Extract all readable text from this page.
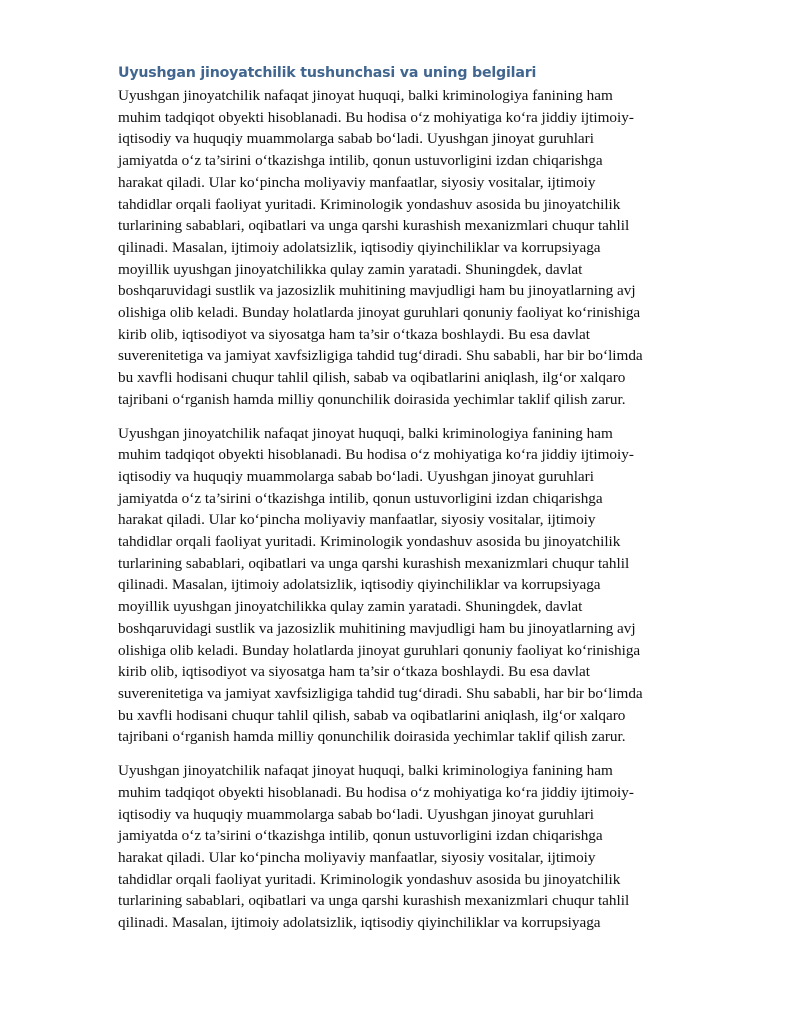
Uyushgan jinoyatchilik tushunchasi va uning belgilari

Uyushgan jinoyatchilik nafaqat jinoyat huquqi, balki kriminologiya fanining ham
muhim tadqiqot obyekti hisoblanadi. Bu hodisa o‘z mohiyatiga ko‘ra jiddiy ijtimoiy-
iqtisodiy va huquqiy muammolarga sabab bo‘ladi. Uyushgan jinoyat guruhlari
jamiyatda o‘z ta’sirini o‘tkazishga intilib, qonun ustuvorligini izdan chiqarishga
harakat qiladi. Ular ko‘pincha moliyaviy manfaatlar, siyosiy vositalar, ijtimoiy
tahdidlar orqali faoliyat yuritadi. Kriminologik yondashuv asosida bu jinoyatchilik
turlarining sabablari, oqibatlari va unga qarshi kurashish mexanizmlari chuqur tahlil
qilinadi. Masalan, ijtimoiy adolatsizlik, iqtisodiy qiyinchiliklar va korrupsiyaga
moyillik uyushgan jinoyatchilikka qulay zamin yaratadi. Shuningdek, davlat
boshqaruvidagi sustlik va jazosizlik muhitining mavjudligi ham bu jinoyatlarning avj
olishiga olib keladi. Bunday holatlarda jinoyat guruhlari qonuniy faoliyat ko‘rinishiga
kirib olib, iqtisodiyot va siyosatga ham ta’sir o‘tkaza boshlaydi. Bu esa davlat
suverenitetiga va jamiyat xavfsizligiga tahdid tug‘diradi. Shu sababli, har bir bo‘limda
bu xavfli hodisani chuqur tahlil qilish, sabab va oqibatlarini aniqlash, ilg‘or xalqaro
tajribani o‘rganish hamda milliy qonunchilik doirasida yechimlar taklif qilish zarur.

Uyushgan jinoyatchilik nafaqat jinoyat huquqi, balki kriminologiya fanining ham
muhim tadqiqot obyekti hisoblanadi. Bu hodisa o‘z mohiyatiga ko‘ra jiddiy ijtimoiy-
iqtisodiy va huquqiy muammolarga sabab bo‘ladi. Uyushgan jinoyat guruhlari
jamiyatda o‘z ta’sirini o‘tkazishga intilib, qonun ustuvorligini izdan chiqarishga
harakat qiladi. Ular ko‘pincha moliyaviy manfaatlar, siyosiy vositalar, ijtimoiy
tahdidlar orqali faoliyat yuritadi. Kriminologik yondashuv asosida bu jinoyatchilik
turlarining sabablari, oqibatlari va unga qarshi kurashish mexanizmlari chuqur tahlil
qilinadi. Masalan, ijtimoiy adolatsizlik, iqtisodiy qiyinchiliklar va korrupsiyaga
moyillik uyushgan jinoyatchilikka qulay zamin yaratadi. Shuningdek, davlat
boshqaruvidagi sustlik va jazosizlik muhitining mavjudligi ham bu jinoyatlarning avj
olishiga olib keladi. Bunday holatlarda jinoyat guruhlari qonuniy faoliyat ko‘rinishiga
kirib olib, iqtisodiyot va siyosatga ham ta’sir o‘tkaza boshlaydi. Bu esa davlat
suverenitetiga va jamiyat xavfsizligiga tahdid tug‘diradi. Shu sababli, har bir bo‘limda
bu xavfli hodisani chuqur tahlil qilish, sabab va oqibatlarini aniqlash, ilg‘or xalqaro
tajribani o‘rganish hamda milliy qonunchilik doirasida yechimlar taklif qilish zarur.

Uyushgan jinoyatchilik nafaqat jinoyat huquqi, balki kriminologiya fanining ham
muhim tadqiqot obyekti hisoblanadi. Bu hodisa o‘z mohiyatiga ko‘ra jiddiy ijtimoiy-
iqtisodiy va huquqiy muammolarga sabab bo‘ladi. Uyushgan jinoyat guruhlari
jamiyatda o‘z ta’sirini o‘tkazishga intilib, qonun ustuvorligini izdan chiqarishga
harakat qiladi. Ular ko‘pincha moliyaviy manfaatlar, siyosiy vositalar, ijtimoiy
tahdidlar orqali faoliyat yuritadi. Kriminologik yondashuv asosida bu jinoyatchilik
turlarining sabablari, oqibatlari va unga qarshi kurashish mexanizmlari chuqur tahlil
qilinadi. Masalan, ijtimoiy adolatsizlik, iqtisodiy qiyinchiliklar va korrupsiyaga
